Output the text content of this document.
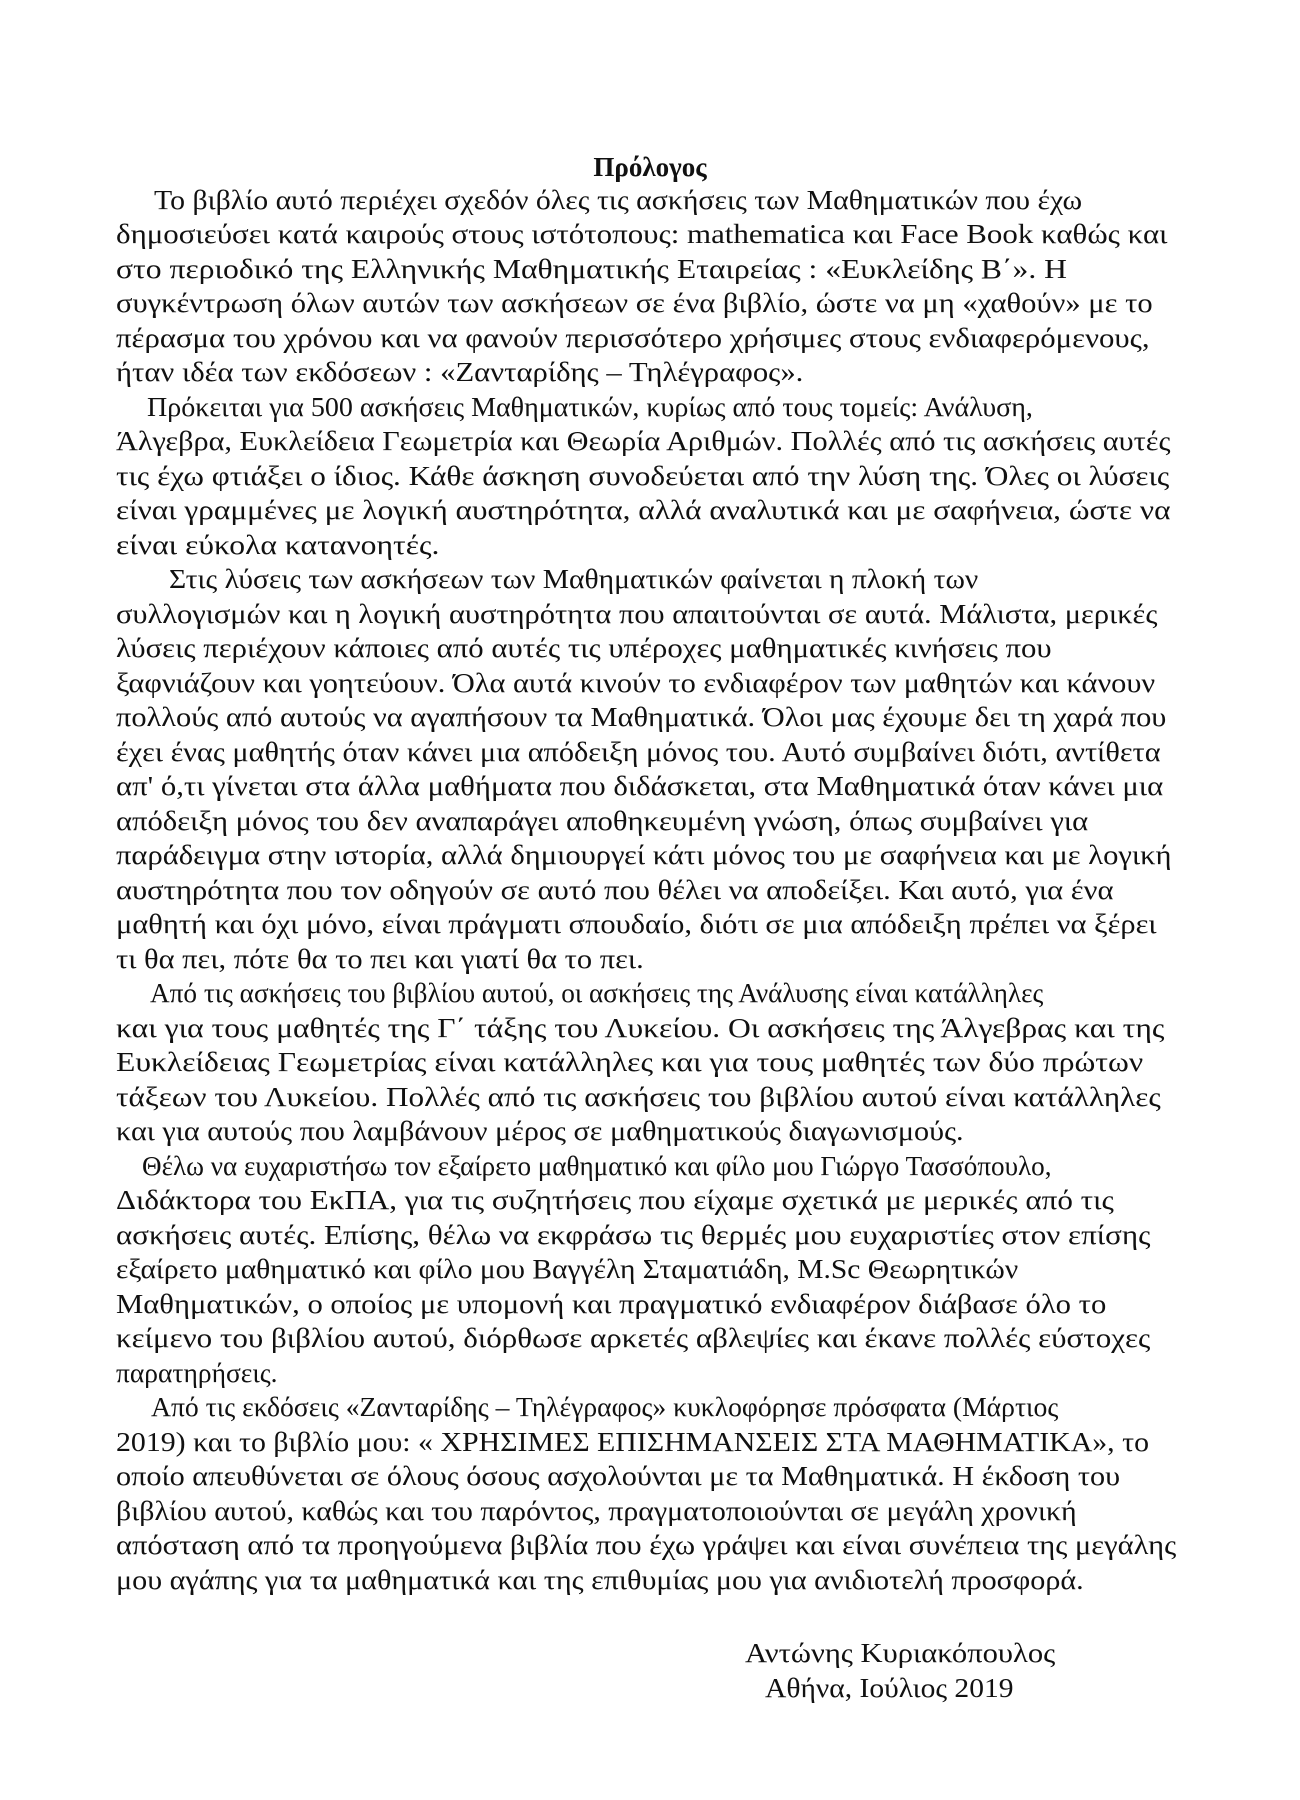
Πρόλογος
Το βιβλίο αυτό περιέχει σχεδόν όλες τις ασκήσεις των Μαθηματικών που έχω
δημοσιεύσει κατά καιρούς στους ιστότοπους: mathematica και Face Book καθώς και
στο περιοδικό της Ελληνικής Μαθηματικής Εταιρείας : «Ευκλείδης Β΄». Η
συγκέντρωση όλων αυτών των ασκήσεων σε ένα βιβλίο, ώστε να μη «χαθούν» με το
πέρασμα του χρόνου και να φανούν περισσότερο χρήσιμες στους ενδιαφερόμενους,
ήταν ιδέα των εκδόσεων : «Ζανταρίδης – Τηλέγραφος».
Πρόκειται για 500 ασκήσεις Μαθηματικών, κυρίως από τους τομείς: Ανάλυση,
Άλγεβρα, Ευκλείδεια Γεωμετρία και Θεωρία Αριθμών. Πολλές από τις ασκήσεις αυτές
τις έχω φτιάξει ο ίδιος. Κάθε άσκηση συνοδεύεται από την λύση της. Όλες οι λύσεις
είναι γραμμένες με λογική αυστηρότητα, αλλά αναλυτικά και με σαφήνεια, ώστε να
είναι εύκολα κατανοητές.
Στις λύσεις των ασκήσεων των Μαθηματικών φαίνεται η πλοκή των
συλλογισμών και η λογική αυστηρότητα που απαιτούνται σε αυτά. Μάλιστα, μερικές
λύσεις περιέχουν κάποιες από αυτές τις υπέροχες μαθηματικές κινήσεις που
ξαφνιάζουν και γοητεύουν. Όλα αυτά κινούν το ενδιαφέρον των μαθητών και κάνουν
πολλούς από αυτούς να αγαπήσουν τα Μαθηματικά. Όλοι μας έχουμε δει τη χαρά που
έχει ένας μαθητής όταν κάνει μια απόδειξη μόνος του. Αυτό συμβαίνει διότι, αντίθετα
απ' ό,τι γίνεται στα άλλα μαθήματα που διδάσκεται, στα Μαθηματικά όταν κάνει μια
απόδειξη μόνος του δεν αναπαράγει αποθηκευμένη γνώση, όπως συμβαίνει για
παράδειγμα στην ιστορία, αλλά δημιουργεί κάτι μόνος του με σαφήνεια και με λογική
αυστηρότητα που τον οδηγούν σε αυτό που θέλει να αποδείξει. Και αυτό, για ένα
μαθητή και όχι μόνο, είναι πράγματι σπουδαίο, διότι σε μια απόδειξη πρέπει να ξέρει
τι θα πει, πότε θα το πει και γιατί θα το πει.
Από τις ασκήσεις του βιβλίου αυτού, οι ασκήσεις της Ανάλυσης είναι κατάλληλες
και για τους μαθητές της Γ΄ τάξης του Λυκείου. Οι ασκήσεις της Άλγεβρας και της
Ευκλείδειας Γεωμετρίας είναι κατάλληλες και για τους μαθητές των δύο πρώτων
τάξεων του Λυκείου. Πολλές από τις ασκήσεις του βιβλίου αυτού είναι κατάλληλες
και για αυτούς που λαμβάνουν μέρος σε μαθηματικούς διαγωνισμούς.
Θέλω να ευχαριστήσω τον εξαίρετο μαθηματικό και φίλο μου Γιώργο Τασσόπουλο,
Διδάκτορα του ΕκΠΑ, για τις συζητήσεις που είχαμε σχετικά με μερικές από τις
ασκήσεις αυτές. Επίσης, θέλω να εκφράσω τις θερμές μου ευχαριστίες στον επίσης
εξαίρετο μαθηματικό και φίλο μου Βαγγέλη Σταματιάδη, M.Sc Θεωρητικών
Μαθηματικών, ο οποίος με υπομονή και πραγματικό ενδιαφέρον διάβασε όλο το
κείμενο του βιβλίου αυτού, διόρθωσε αρκετές αβλεψίες και έκανε πολλές εύστοχες
παρατηρήσεις.
Από τις εκδόσεις «Ζανταρίδης – Τηλέγραφος» κυκλοφόρησε πρόσφατα (Μάρτιος
2019) και το βιβλίο μου: « ΧΡΗΣΙΜΕΣ ΕΠΙΣΗΜΑΝΣΕΙΣ ΣΤΑ ΜΑΘΗΜΑΤΙΚΑ», το
οποίο απευθύνεται σε όλους όσους ασχολούνται με τα Μαθηματικά. Η έκδοση του
βιβλίου αυτού, καθώς και του παρόντος, πραγματοποιούνται σε μεγάλη χρονική
απόσταση από τα προηγούμενα βιβλία που έχω γράψει και είναι συνέπεια της μεγάλης
μου αγάπης για τα μαθηματικά και της επιθυμίας μου για ανιδιοτελή προσφορά.
Αντώνης Κυριακόπουλος
Αθήνα, Ιούλιος 2019
